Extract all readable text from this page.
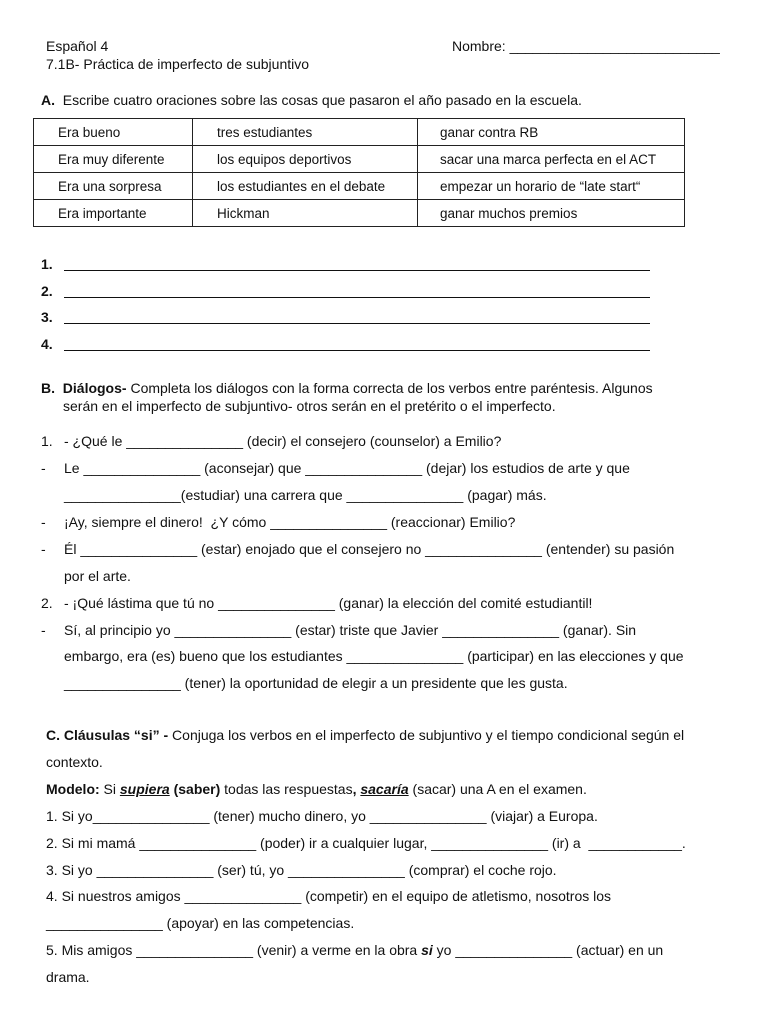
Español 4	Nombre: ___________________________
7.1B- Práctica de imperfecto de subjuntivo
A. Escribe cuatro oraciones sobre las cosas que pasaron el año pasado en la escuela.
Era bueno	tres estudiantes	ganar contra RB
Era muy diferente	los equipos deportivos	sacar una marca perfecta en el ACT
Era una sorpresa	los estudiantes en el debate	empezar un horario de “late start“
Era importante	Hickman	ganar muchos premios
1.
2.
3.
4.
B. Diálogos- Completa los diálogos con la forma correcta de los verbos entre paréntesis. Algunos
serán en el imperfecto de subjuntivo- otros serán en el pretérito o el imperfecto.
1. - ¿Qué le _______________ (decir) el consejero (counselor) a Emilio?
- Le _______________ (aconsejar) que _______________ (dejar) los estudios de arte y que
_______________(estudiar) una carrera que _______________ (pagar) más.
- ¡Ay, siempre el dinero!  ¿Y cómo _______________ (reaccionar) Emilio?
- Él _______________ (estar) enojado que el consejero no _______________ (entender) su pasión
por el arte.
2. - ¡Qué lástima que tú no _______________ (ganar) la elección del comité estudiantil!
- Sí, al principio yo _______________ (estar) triste que Javier _______________ (ganar). Sin
embargo, era (es) bueno que los estudiantes _______________ (participar) en las elecciones y que
_______________ (tener) la oportunidad de elegir a un presidente que les gusta.
C. Cláusulas “si” - Conjuga los verbos en el imperfecto de subjuntivo y el tiempo condicional según el
contexto.
Modelo: Si supiera (saber) todas las respuestas, sacaría (sacar) una A en el examen.
1. Si yo_______________ (tener) mucho dinero, yo _______________ (viajar) a Europa.
2. Si mi mamá _______________ (poder) ir a cualquier lugar, _______________ (ir) a  ____________.
3. Si yo _______________ (ser) tú, yo _______________ (comprar) el coche rojo.
4. Si nuestros amigos _______________ (competir) en el equipo de atletismo, nosotros los
_______________ (apoyar) en las competencias.
5. Mis amigos _______________ (venir) a verme en la obra si yo _______________ (actuar) en un
drama.
